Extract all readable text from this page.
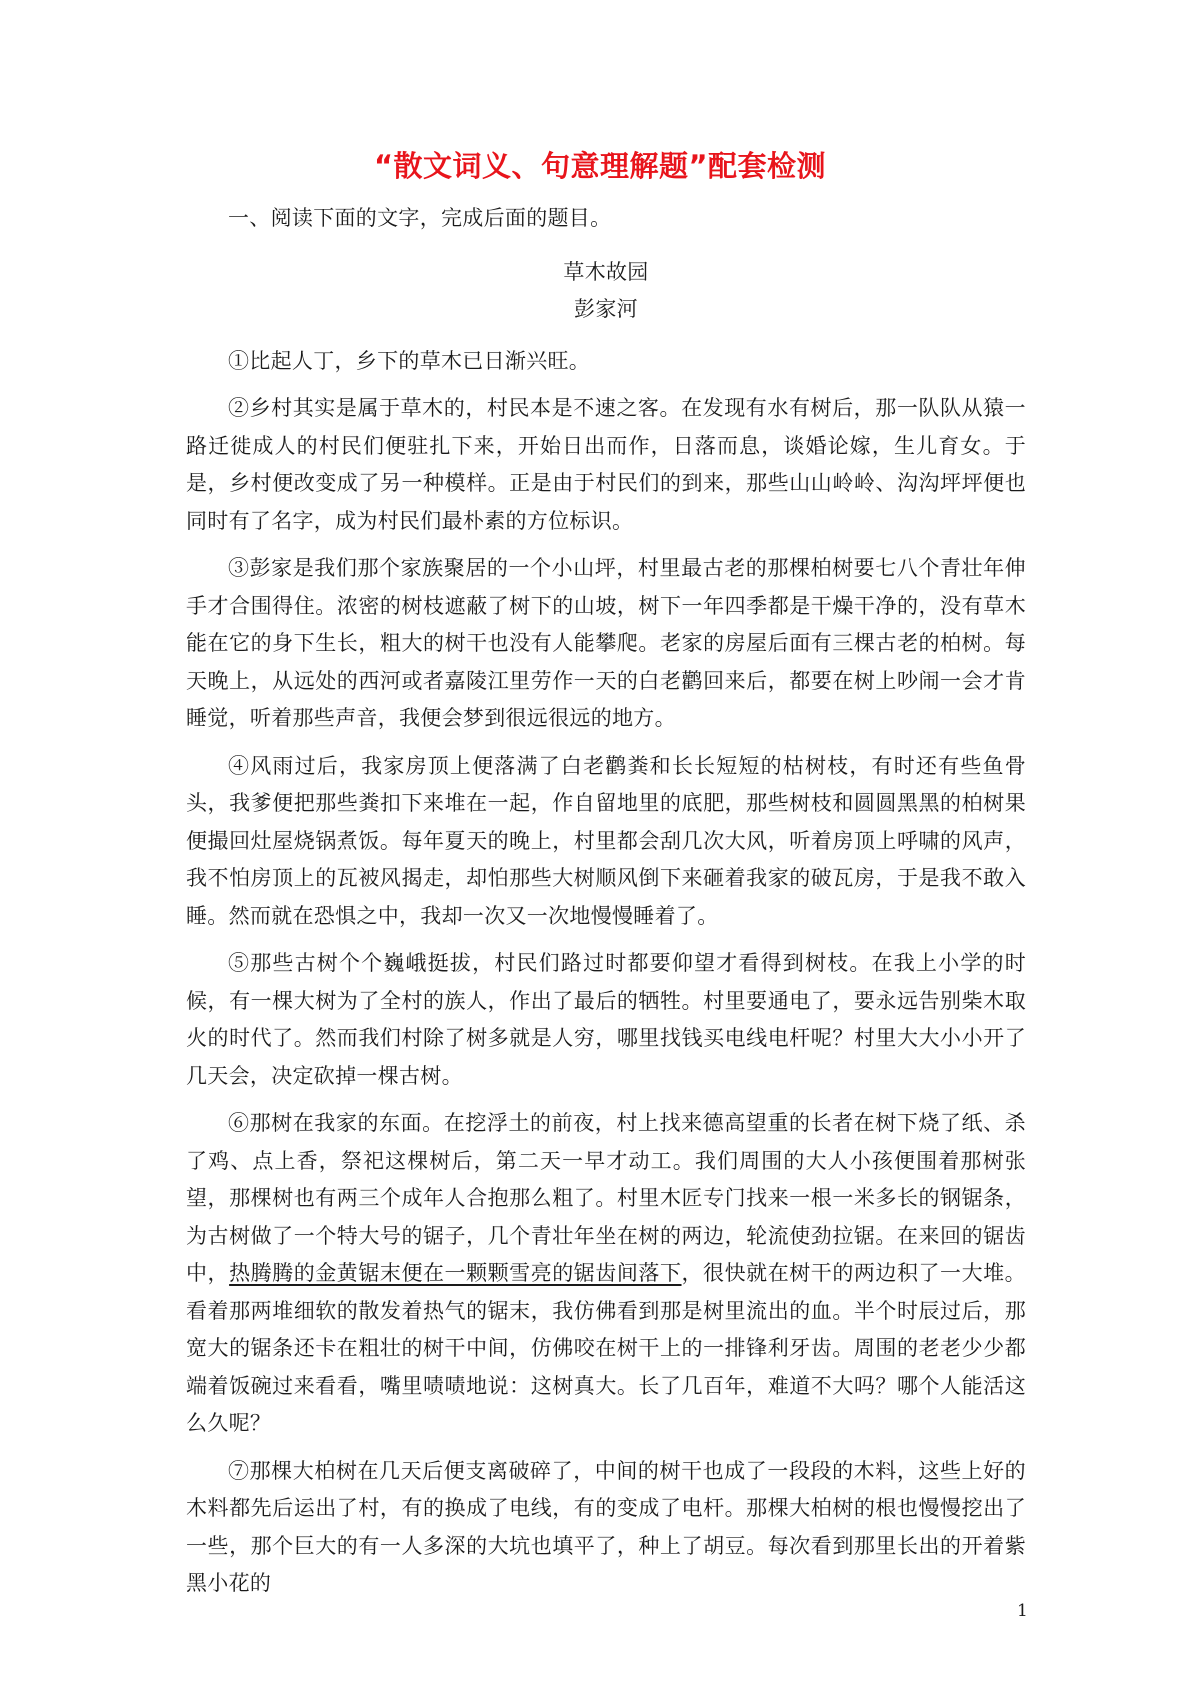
“散文词义、句意理解题”配套检测

一、阅读下面的文字，完成后面的题目。

草木故园

彭家河

①比起人丁，乡下的草木已日渐兴旺。

②乡村其实是属于草木的，村民本是不速之客。在发现有水有树后，那一队队从猿一路迁徙成人的村民们便驻扎下来，开始日出而作，日落而息，谈婚论嫁，生儿育女。于是，乡村便改变成了另一种模样。正是由于村民们的到来，那些山山岭岭、沟沟坪坪便也同时有了名字，成为村民们最朴素的方位标识。

③彭家是我们那个家族聚居的一个小山坪，村里最古老的那棵柏树要七八个青壮年伸手才合围得住。浓密的树枝遮蔽了树下的山坡，树下一年四季都是干燥干净的，没有草木能在它的身下生长，粗大的树干也没有人能攀爬。老家的房屋后面有三棵古老的柏树。每天晚上，从远处的西河或者嘉陵江里劳作一天的白老鹳回来后，都要在树上吵闹一会才肯睡觉，听着那些声音，我便会梦到很远很远的地方。

④风雨过后，我家房顶上便落满了白老鹳粪和长长短短的枯树枝，有时还有些鱼骨头，我爹便把那些粪扣下来堆在一起，作自留地里的底肥，那些树枝和圆圆黑黑的柏树果便撮回灶屋烧锅煮饭。每年夏天的晚上，村里都会刮几次大风，听着房顶上呼啸的风声，我不怕房顶上的瓦被风揭走，却怕那些大树顺风倒下来砸着我家的破瓦房，于是我不敢入睡。然而就在恐惧之中，我却一次又一次地慢慢睡着了。

⑤那些古树个个巍峨挺拔，村民们路过时都要仰望才看得到树枝。在我上小学的时候，有一棵大树为了全村的族人，作出了最后的牺牲。村里要通电了，要永远告别柴木取火的时代了。然而我们村除了树多就是人穷，哪里找钱买电线电杆呢？村里大大小小开了几天会，决定砍掉一棵古树。

⑥那树在我家的东面。在挖浮土的前夜，村上找来德高望重的长者在树下烧了纸、杀了鸡、点上香，祭祀这棵树后，第二天一早才动工。我们周围的大人小孩便围着那树张望，那棵树也有两三个成年人合抱那么粗了。村里木匠专门找来一根一米多长的钢锯条，为古树做了一个特大号的锯子，几个青壮年坐在树的两边，轮流使劲拉锯。在来回的锯齿中，热腾腾的金黄锯末便在一颗颗雪亮的锯齿间落下，很快就在树干的两边积了一大堆。看着那两堆细软的散发着热气的锯末，我仿佛看到那是树里流出的血。半个时辰过后，那宽大的锯条还卡在粗壮的树干中间，仿佛咬在树干上的一排锋利牙齿。周围的老老少少都端着饭碗过来看看，嘴里啧啧地说：这树真大。长了几百年，难道不大吗？哪个人能活这么久呢？

⑦那棵大柏树在几天后便支离破碎了，中间的树干也成了一段段的木料，这些上好的木料都先后运出了村，有的换成了电线，有的变成了电杆。那棵大柏树的根也慢慢挖出了一些，那个巨大的有一人多深的大坑也填平了，种上了胡豆。每次看到那里长出的开着紫黑小花的

1
